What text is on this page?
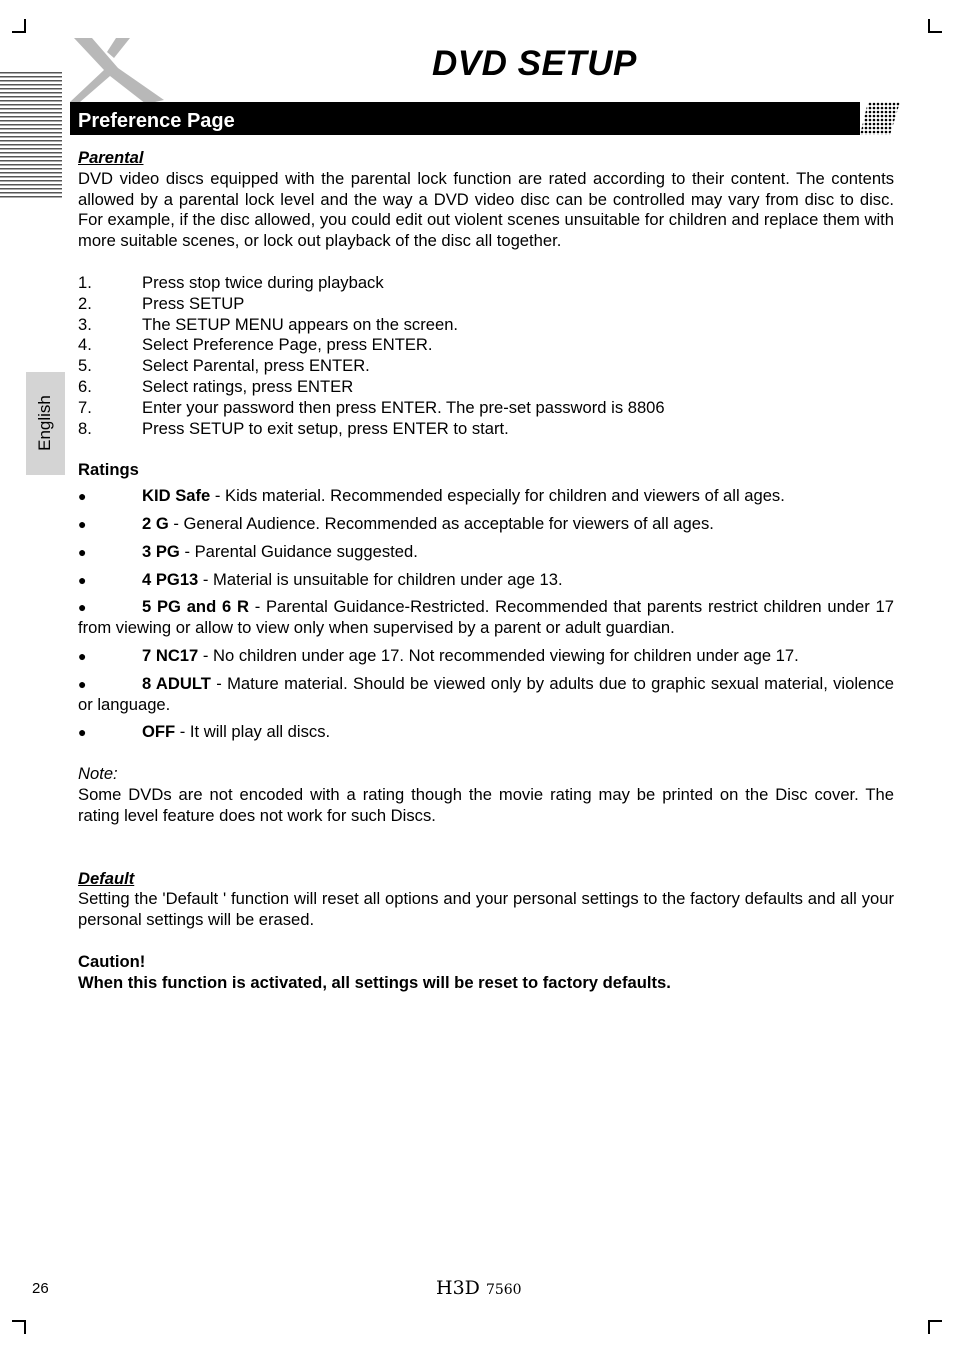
DVD SETUP
Preference Page
English

Parental

DVD video discs equipped with the parental lock function are rated according to their content. The contents allowed by a parental lock level and the way a DVD video disc can be controlled may vary from disc to disc. For example, if the disc allowed, you could edit out violent scenes unsuitable for children and replace them with more suitable scenes, or lock out playback of the disc all together.

1.	Press stop twice during playback
2.	Press SETUP
3.	The SETUP MENU appears on the screen.
4.	Select Preference Page, press ENTER.
5.	Select Parental, press ENTER.
6.	Select ratings, press ENTER
7.	Enter your password then press ENTER. The pre-set password is 8806
8.	Press SETUP to exit setup, press ENTER to start.

Ratings

●	KID Safe - Kids material. Recommended especially for children and viewers of all ages.
●	2 G - General Audience. Recommended as acceptable for viewers of all ages.
●	3 PG - Parental Guidance suggested.
●	4 PG13 - Material is unsuitable for children under age 13.
●	5 PG and 6 R - Parental Guidance-Restricted. Recommended that parents restrict children under 17 from viewing or allow to view only when supervised by a parent or adult guardian.
●	7 NC17 - No children under age 17. Not recommended viewing for children under age 17.
●	8 ADULT - Mature material. Should be viewed only by adults due to graphic sexual material, violence or language.
●	OFF - It will play all discs.

Note:

Some DVDs are not encoded with a rating though the movie rating may be printed on the Disc cover. The rating level feature does not work for such Discs.

Default

Setting the 'Default ' function will reset all options and your personal settings to the factory defaults and all your personal settings will be erased.

Caution!

When this function is activated, all settings will be reset to factory defaults.

26	H3D 7560
